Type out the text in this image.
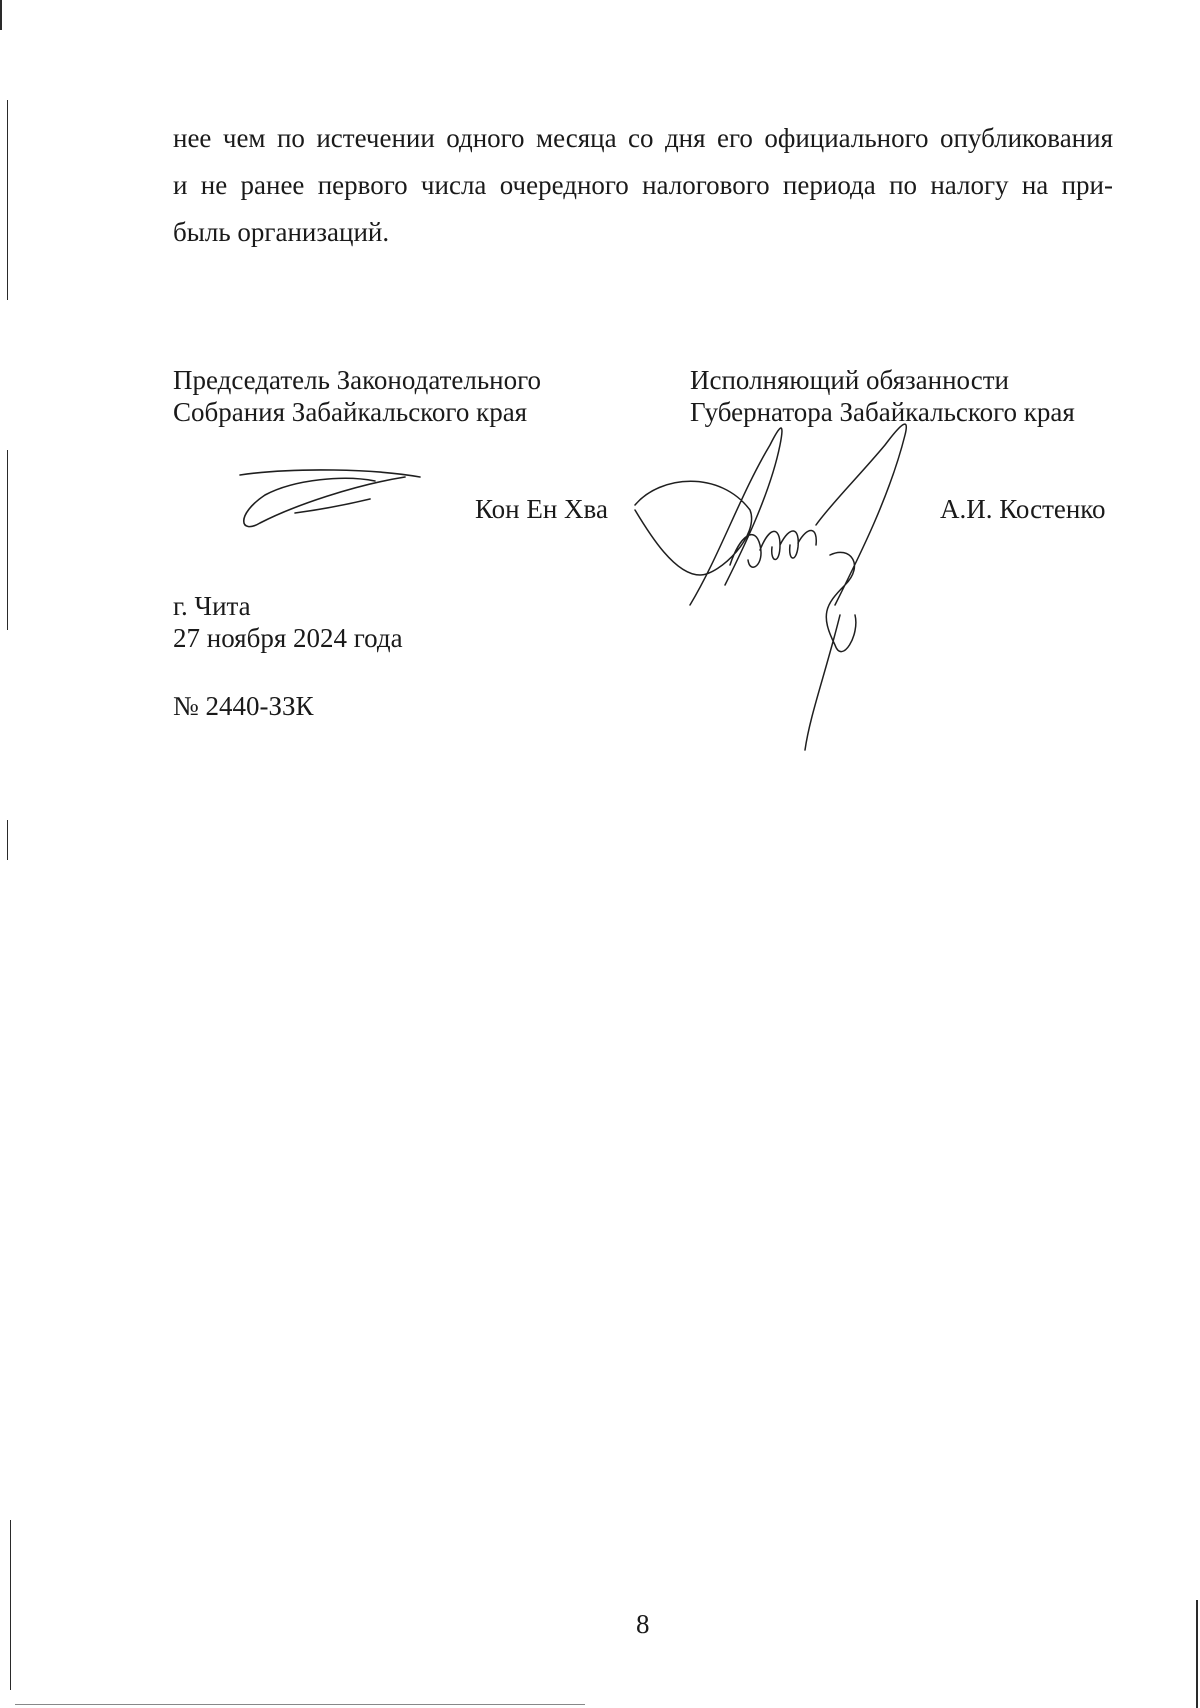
нее чем по истечении одного месяца со дня его официального опубликования
и не ранее первого числа очередного налогового периода по налогу на при-
быль организаций.

Председатель Законодательного
Собрания Забайкальского края
Исполняющий обязанности
Губернатора Забайкальского края

Кон Ен Хва	А.И. Костенко

г. Чита
27 ноября 2024 года

№ 2440-ЗЗК

8
